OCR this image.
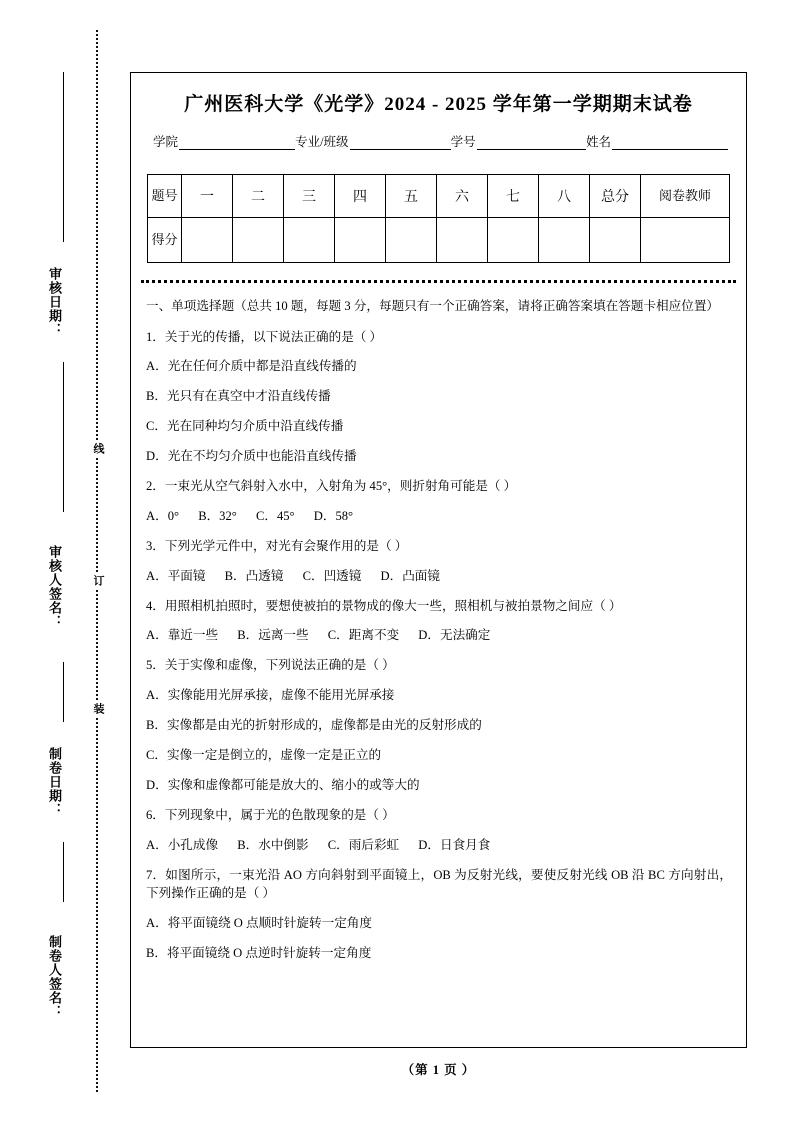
审核日期：
审核人签名：
制卷日期：
制卷人签名：
线
订
装
广州医科大学《光学》2024 - 2025 学年第一学期期末试卷
学院	专业/班级	学号	姓名
题号	一	二	三	四	五	六	七	八	总分	阅卷教师
得分										
一、单项选择题（总共 10 题，每题 3 分，每题只有一个正确答案，请将正确答案填在答题卡相应位置）
1．关于光的传播，以下说法正确的是（ ）
A．光在任何介质中都是沿直线传播的
B．光只有在真空中才沿直线传播
C．光在同种均匀介质中沿直线传播
D．光在不均匀介质中也能沿直线传播
2．一束光从空气斜射入水中，入射角为 45°，则折射角可能是（ ）
A．0° B．32° C．45° D．58°
3．下列光学元件中，对光有会聚作用的是（ ）
A．平面镜 B．凸透镜 C．凹透镜 D．凸面镜
4．用照相机拍照时，要想使被拍的景物成的像大一些，照相机与被拍景物之间应（ ）
A．靠近一些 B．远离一些 C．距离不变 D．无法确定
5．关于实像和虚像，下列说法正确的是（ ）
A．实像能用光屏承接，虚像不能用光屏承接
B．实像都是由光的折射形成的，虚像都是由光的反射形成的
C．实像一定是倒立的，虚像一定是正立的
D．实像和虚像都可能是放大的、缩小的或等大的
6．下列现象中，属于光的色散现象的是（ ）
A．小孔成像 B．水中倒影 C．雨后彩虹 D．日食月食
7．如图所示，一束光沿 AO 方向斜射到平面镜上，OB 为反射光线，要使反射光线 OB 沿 BC 方向射出，下列操作正确的是（ ）
A．将平面镜绕 O 点顺时针旋转一定角度
B．将平面镜绕 O 点逆时针旋转一定角度
（第 1 页 ）
